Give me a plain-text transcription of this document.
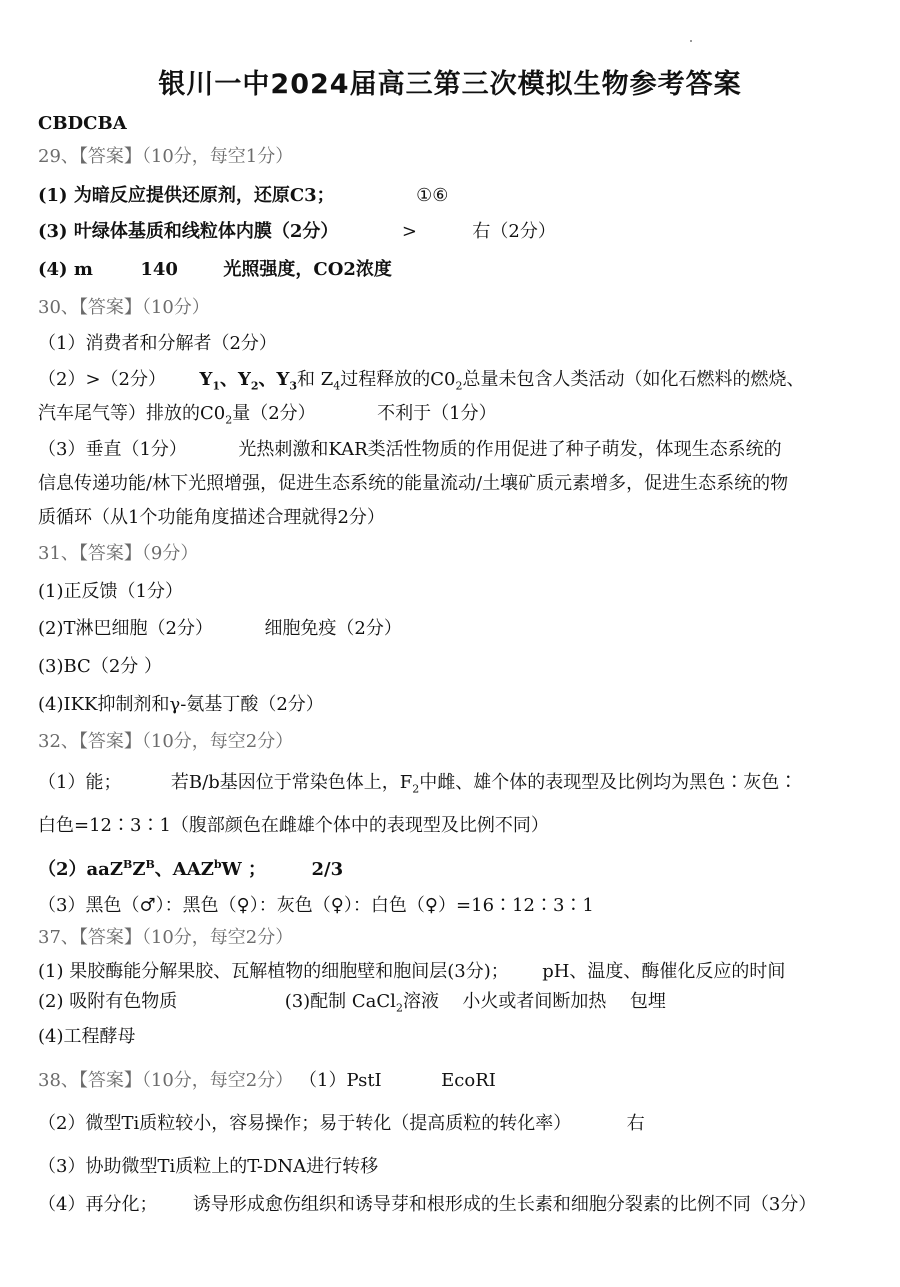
银川一中2024届高三第三次模拟生物参考答案
CBDCBA
29、【答案】（10分，每空1分）
(1) 为暗反应提供还原剂，还原C3；	①⑥
(3) 叶绿体基质和线粒体内膜（2分）	>	右（2分）
(4) m	140	光照强度，CO2浓度
30、【答案】（10分）
（1）消费者和分解者（2分）
（2）>（2分） $Y_1$、$Y_2$、$Y_3$和 $Z_4$过程释放的$C0_2$总量未包含人类活动（如化石燃料的燃烧、
汽车尾气等）排放的$C0_2$量（2分）	不利于（1分）
（3）垂直（1分）	光热刺激和KAR类活性物质的作用促进了种子萌发，体现生态系统的
信息传递功能/林下光照增强，促进生态系统的能量流动/土壤矿质元素增多，促进生态系统的物
质循环（从1个功能角度描述合理就得2分）
31、【答案】（9分）
(1)正反馈（1分）
(2)T淋巴细胞（2分）	细胞免疫（2分）
(3)BC（2分 ）
(4)IKK抑制剂和γ-氨基丁酸（2分）
32、【答案】（10分，每空2分）
（1）能；	若B/b基因位于常染色体上，$F_2$中雌、雄个体的表现型及比例均为黑色∶灰色∶
白色=12∶3∶1（腹部颜色在雌雄个体中的表现型及比例不同）
$(2)aaZ^BZ^B$、AAZ$^b$W ；	2/3
（3）黑色（♂）：黑色（♀）：灰色（♀）：白色（♀）=16∶12∶3∶1
37、【答案】（10分，每空2分）
(1) 果胶酶能分解果胶、瓦解植物的细胞壁和胞间层(3分)； pH、温度、酶催化反应的时间
(2) 吸附有色物质	(3)配制 CaCl$_2$溶液 小火或者间断加热 包埋
(4)工程酵母
38、【答案】（10分，每空2分） （1）PstI	EcoRI
（2）微型Ti质粒较小，容易操作；易于转化（提高质粒的转化率）	右
（3）协助微型Ti质粒上的T-DNA进行转移
（4）再分化； 诱导形成愈伤组织和诱导芽和根形成的生长素和细胞分裂素的比例不同（3分）
